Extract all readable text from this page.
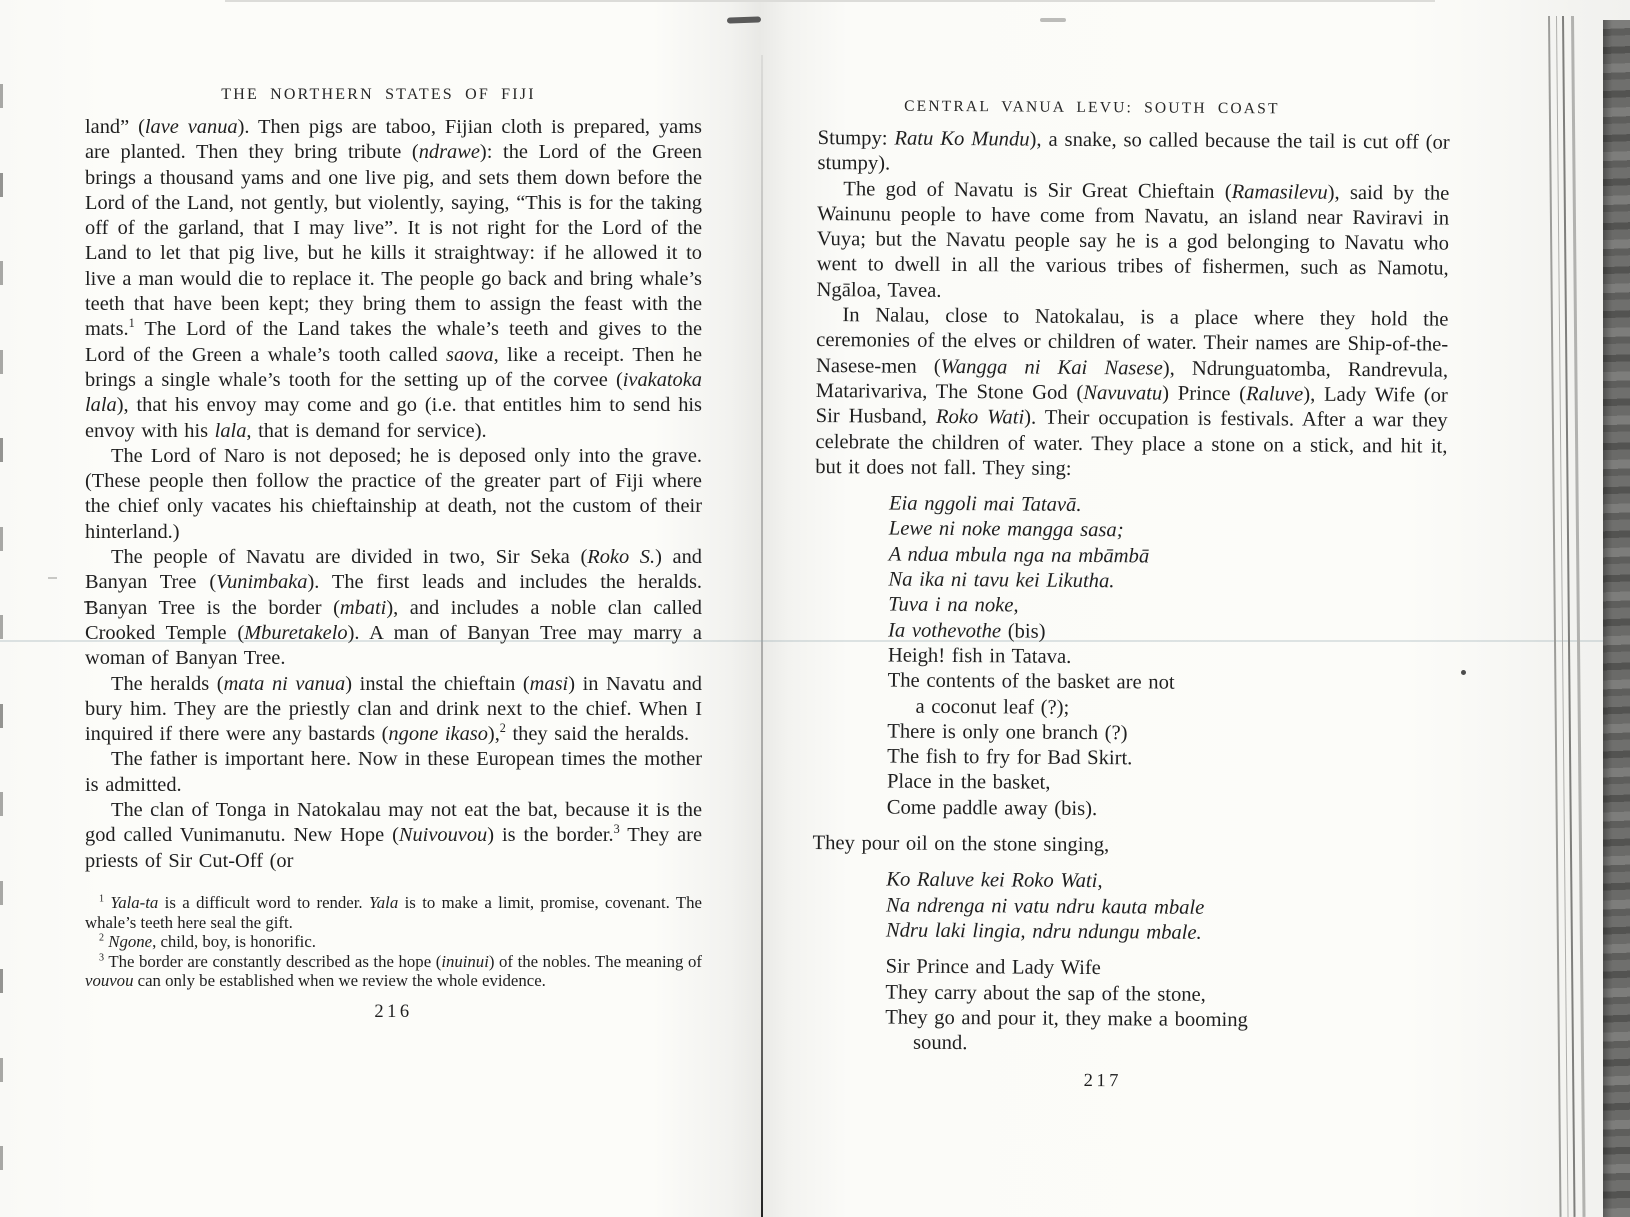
THE NORTHERN STATES OF FIJI

land” (lave vanua). Then pigs are taboo, Fijian cloth is prepared, yams are planted. Then they bring tribute (ndrawe): the Lord of the Green brings a thousand yams and one live pig, and sets them down before the Lord of the Land, not gently, but violently, saying, “This is for the taking off of the garland, that I may live”. It is not right for the Lord of the Land to let that pig live, but he kills it straightway: if he allowed it to live a man would die to replace it. The people go back and bring whale’s teeth that have been kept; they bring them to assign the feast with the mats.$^1$ The Lord of the Land takes the whale’s teeth and gives to the Lord of the Green a whale’s tooth called saova, like a receipt. Then he brings a single whale’s tooth for the setting up of the corvee (ivakatoka lala), that his envoy may come and go (i.e. that entitles him to send his envoy with his lala, that is demand for service).

The Lord of Naro is not deposed; he is deposed only into the grave. (These people then follow the practice of the greater part of Fiji where the chief only vacates his chieftainship at death, not the custom of their hinterland.)

The people of Navatu are divided in two, Sir Seka (Roko S.) and Banyan Tree (Vunimbaka). The first leads and includes the heralds. Banyan Tree is the border (mbati), and includes a noble clan called Crooked Temple (Mburetakelo). A man of Banyan Tree may marry a woman of Banyan Tree.

The heralds (mata ni vanua) instal the chieftain (masi) in Navatu and bury him. They are the priestly clan and drink next to the chief. When I inquired if there were any bastards (ngone ikaso),$^2$ they said the heralds.

The father is important here. Now in these European times the mother is admitted.

The clan of Tonga in Natokalau may not eat the bat, because it is the god called Vunimanutu. New Hope (Nuivouvou) is the border.$^3$ They are priests of Sir Cut-Off (or

$^1$ Yala-ta is a difficult word to render. Yala is to make a limit, promise, covenant. The whale’s teeth here seal the gift.

$^2$ Ngone, child, boy, is honorific.

$^3$ The border are constantly described as the hope (inuinui) of the nobles. The meaning of vouvou can only be established when we review the whole evidence.

216
CENTRAL VANUA LEVU: SOUTH COAST

Stumpy: Ratu Ko Mundu), a snake, so called because the tail is cut off (or stumpy).

The god of Navatu is Sir Great Chieftain (Ramasilevu), said by the Wainunu people to have come from Navatu, an island near Raviravi in Vuya; but the Navatu people say he is a god belonging to Navatu who went to dwell in all the various tribes of fishermen, such as Namotu, Ngāloa, Tavea.

In Nalau, close to Natokalau, is a place where they hold the ceremonies of the elves or children of water. Their names are Ship-of-the-Nasese-men (Wangga ni Kai Nasese), Ndrunguatomba, Randrevula, Matarivariva, The Stone God (Navuvatu) Prince (Raluve), Lady Wife (or Sir Husband, Roko Wati). Their occupation is festivals. After a war they celebrate the children of water. They place a stone on a stick, and hit it, but it does not fall. They sing:

Eia nggoli mai Tatavā.
Lewe ni noke mangga sasa;
A ndua mbula nga na mbāmbā
Na ika ni tavu kei Likutha.
Tuva i na noke,
Ia vothevothe (bis)
Heigh! fish in Tatava.
The contents of the basket are not
a coconut leaf (?);
There is only one branch (?)
The fish to fry for Bad Skirt.
Place in the basket,
Come paddle away (bis).

They pour oil on the stone singing,

Ko Raluve kei Roko Wati,
Na ndrenga ni vatu ndru kauta mbale
Ndru laki lingia, ndru ndungu mbale.
Sir Prince and Lady Wife
They carry about the sap of the stone,
They go and pour it, they make a booming
sound.
217
